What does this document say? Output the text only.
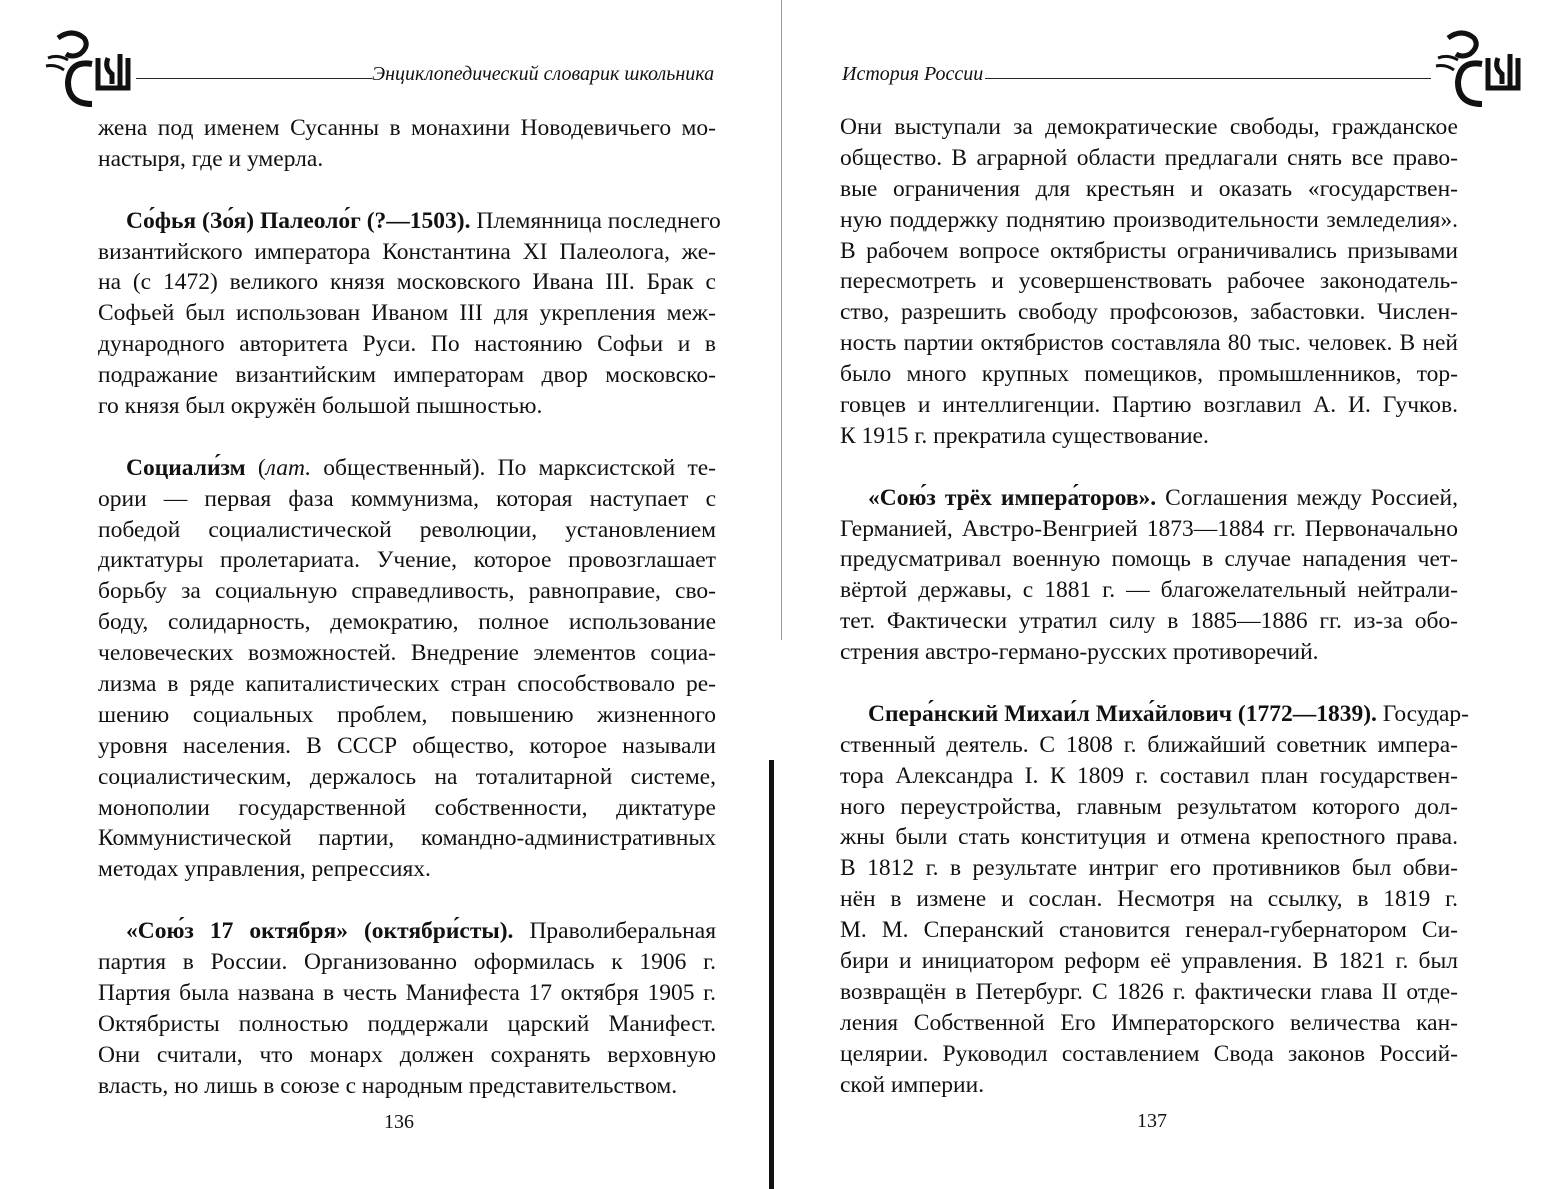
Энциклопедический словарик школьника
жена под именем Сусанны в монахини Новодевичьего мо-
настыря, где и умерла.
Со́фья (Зо́я) Палеоло́г (?—1503). Племянница последнего
византийского императора Константина XI Палеолога, же-
на (с 1472) великого князя московского Ивана III. Брак с
Софьей был использован Иваном III для укрепления меж-
дународного авторитета Руси. По настоянию Софьи и в
подражание византийским императорам двор московско-
го князя был окружён большой пышностью.
Социали́зм (лат. общественный). По марксистской те-
ории — первая фаза коммунизма, которая наступает с
победой социалистической революции, установлением
диктатуры пролетариата. Учение, которое провозглашает
борьбу за социальную справедливость, равноправие, сво-
боду, солидарность, демократию, полное использование
человеческих возможностей. Внедрение элементов социа-
лизма в ряде капиталистических стран способствовало ре-
шению социальных проблем, повышению жизненного
уровня населения. В СССР общество, которое называли
социалистическим, держалось на тоталитарной системе,
монополии государственной собственности, диктатуре
Коммунистической партии, командно-административных
методах управления, репрессиях.
«Сою́з 17 октября» (октябри́сты). Праволиберальная
партия в России. Организованно оформилась к 1906 г.
Партия была названа в честь Манифеста 17 октября 1905 г.
Октябристы полностью поддержали царский Манифест.
Они считали, что монарх должен сохранять верховную
власть, но лишь в союзе с народным представительством.
136
История России
Они выступали за демократические свободы, гражданское
общество. В аграрной области предлагали снять все право-
вые ограничения для крестьян и оказать «государствен-
ную поддержку поднятию производительности земледелия».
В рабочем вопросе октябристы ограничивались призывами
пересмотреть и усовершенствовать рабочее законодатель-
ство, разрешить свободу профсоюзов, забастовки. Числен-
ность партии октябристов составляла 80 тыс. человек. В ней
было много крупных помещиков, промышленников, тор-
говцев и интеллигенции. Партию возглавил А. И. Гучков.
К 1915 г. прекратила существование.
«Сою́з трёх импера́торов». Соглашения между Россией,
Германией, Австро-Венгрией 1873—1884 гг. Первоначально
предусматривал военную помощь в случае нападения чет-
вёртой державы, с 1881 г. — благожелательный нейтрали-
тет. Фактически утратил силу в 1885—1886 гг. из-за обо-
стрения австро-германо-русских противоречий.
Спера́нский Михаи́л Миха́йлович (1772—1839). Государ-
ственный деятель. С 1808 г. ближайший советник импера-
тора Александра I. К 1809 г. составил план государствен-
ного переустройства, главным результатом которого дол-
жны были стать конституция и отмена крепостного права.
В 1812 г. в результате интриг его противников был обви-
нён в измене и сослан. Несмотря на ссылку, в 1819 г.
М. М. Сперанский становится генерал-губернатором Си-
бири и инициатором реформ её управления. В 1821 г. был
возвращён в Петербург. С 1826 г. фактически глава II отде-
ления Собственной Его Императорского величества кан-
целярии. Руководил составлением Свода законов Россий-
ской империи.
137
